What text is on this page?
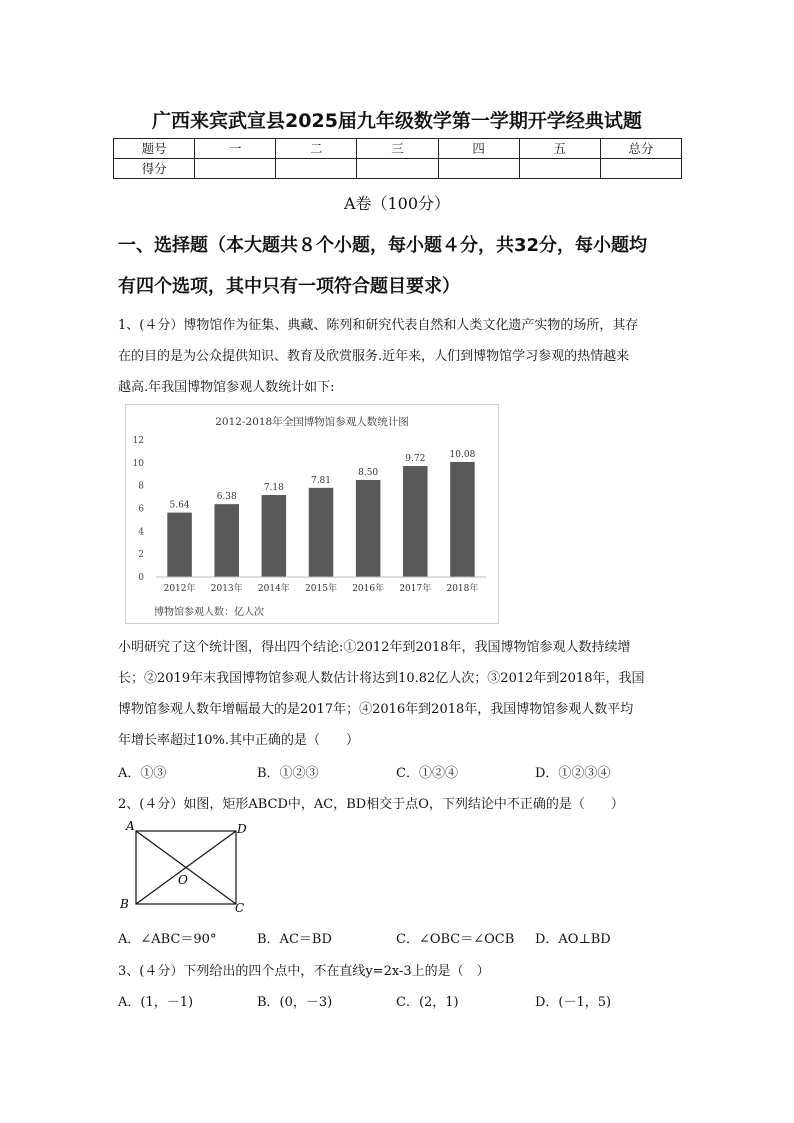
广西来宾武宣县2025届九年级数学第一学期开学经典试题
题号	一	二	三	四	五	总分
得分						
A卷（100分）
一、选择题（本大题共８个小题，每小题４分，共32分，每小题均
有四个选项，其中只有一项符合题目要求）
1、(４分）博物馆作为征集、典藏、陈列和研究代表自然和人类文化遗产实物的场所，其存
在的目的是为公众提供知识、教育及欣赏服务.近年来，人们到博物馆学习参观的热情越来
越高.年我国博物馆参观人数统计如下:
2012-2018年全国博物馆参观人数统计图
0
2
4
6
8
10
12
5.64
6.38
7.18
7.81
8.50
9.72	10.08
2012年 2013年 2014年 2015年 2016年 2017年 2018年
博物馆参观人数：亿人次
小明研究了这个统计图，得出四个结论:①2012年到2018年，我国博物馆参观人数持续增
长；②2019年末我国博物馆参观人数估计将达到10.82亿人次；③2012年到2018年，我国
博物馆参观人数年增幅最大的是2017年；④2016年到2018年，我国博物馆参观人数平均
年增长率超过10%.其中正确的是（　　）
A．①③	B．①②③	C．①②④	D．①②③④
2、(４分）如图，矩形ABCD中，AC，BD相交于点O，下列结论中不正确的是（　　）
A	D
B	C
O
A．∠ABC＝90°	B．AC＝BD	C．∠OBC＝∠OCB D．AO⊥BD
3、(４分）下列给出的四个点中，不在直线y=2x-3上的是（　）
A．(1，－1)	B．(0，－3)	C．(2，1)	D．(－1，5)
